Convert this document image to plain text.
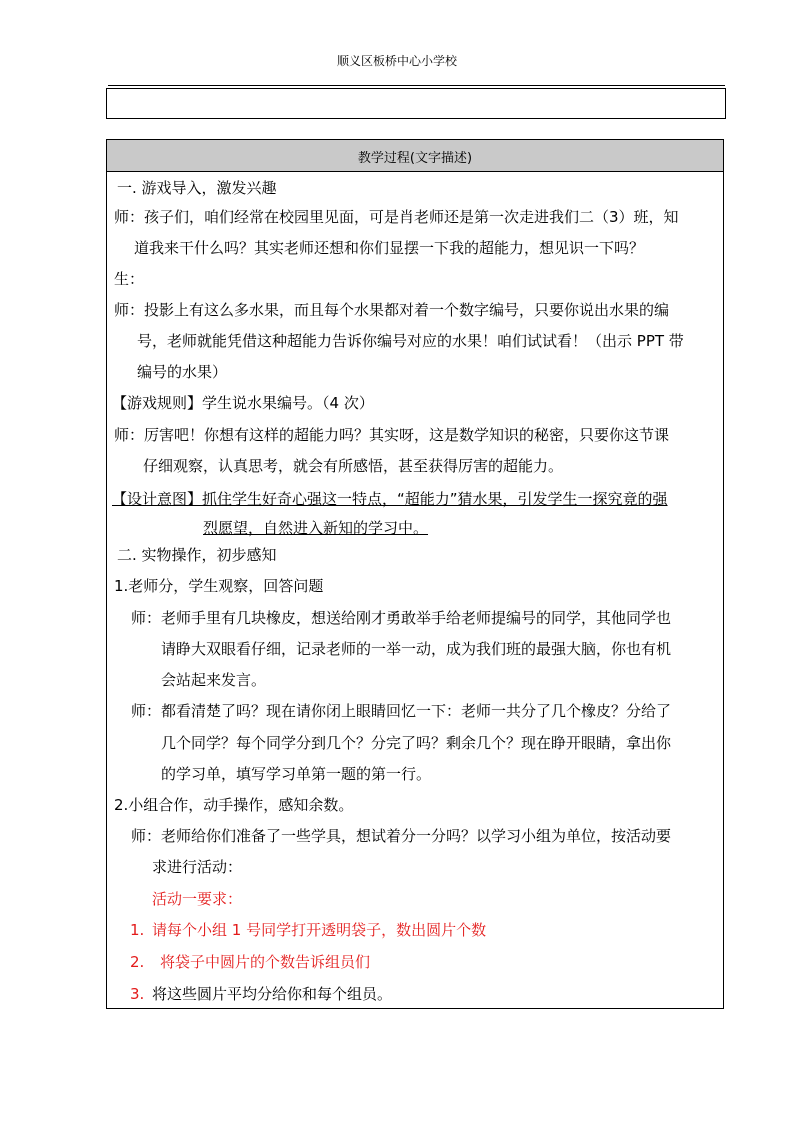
顺义区板桥中心小学校
教学过程(文字描述)
一. 游戏导入，激发兴趣
师：孩子们，咱们经常在校园里见面，可是肖老师还是第一次走进我们二（3）班，知
道我来干什么吗？其实老师还想和你们显摆一下我的超能力，想见识一下吗？
生：
师：投影上有这么多水果，而且每个水果都对着一个数字编号，只要你说出水果的编
号，老师就能凭借这种超能力告诉你编号对应的水果！咱们试试看！（出示 PPT 带
编号的水果）
【游戏规则】学生说水果编号。（4 次）
师：厉害吧！你想有这样的超能力吗？其实呀，这是数学知识的秘密，只要你这节课
仔细观察，认真思考，就会有所感悟，甚至获得厉害的超能力。
【设计意图】抓住学生好奇心强这一特点，“超能力”猜水果，引发学生一探究竟的强
烈愿望，自然进入新知的学习中。
二. 实物操作，初步感知
1.老师分，学生观察，回答问题
师：老师手里有几块橡皮，想送给刚才勇敢举手给老师提编号的同学，其他同学也
请睁大双眼看仔细，记录老师的一举一动，成为我们班的最强大脑，你也有机
会站起来发言。
师：都看清楚了吗？现在请你闭上眼睛回忆一下：老师一共分了几个橡皮？分给了
几个同学？每个同学分到几个？分完了吗？剩余几个？现在睁开眼睛，拿出你
的学习单，填写学习单第一题的第一行。
2.小组合作，动手操作，感知余数。
师：老师给你们准备了一些学具，想试着分一分吗？以学习小组为单位，按活动要
求进行活动：
活动一要求：
1. 请每个小组 1 号同学打开透明袋子，数出圆片个数
2. 将袋子中圆片的个数告诉组员们
3. 将这些圆片平均分给你和每个组员。
